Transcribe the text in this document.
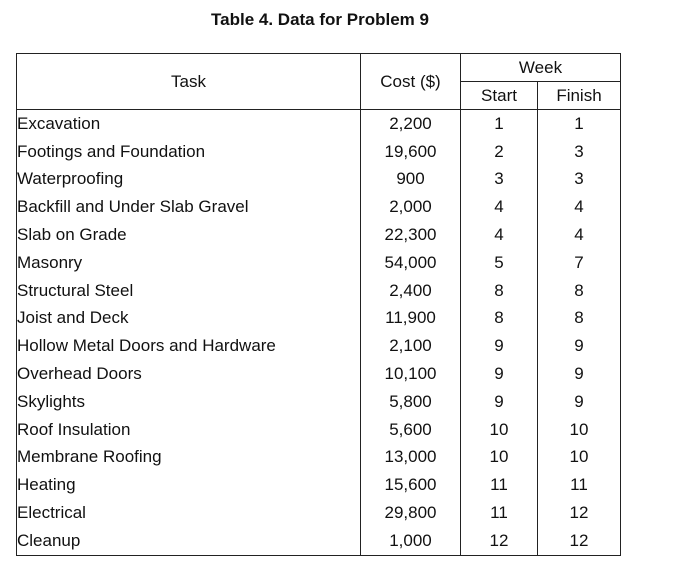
Table 4. Data for Problem 9
Task	Cost ($)	Week	
		Start	Finish
Excavation	2,200	1	1
Footings and Foundation	19,600	2	3
Waterproofing	900	3	3
Backfill and Under Slab Gravel	2,000	4	4
Slab on Grade	22,300	4	4
Masonry	54,000	5	7
Structural Steel	2,400	8	8
Joist and Deck	11,900	8	8
Hollow Metal Doors and Hardware	2,100	9	9
Overhead Doors	10,100	9	9
Skylights	5,800	9	9
Roof Insulation	5,600	10	10
Membrane Roofing	13,000	10	10
Heating	15,600	11	11
Electrical	29,800	11	12
Cleanup	1,000	12	12
